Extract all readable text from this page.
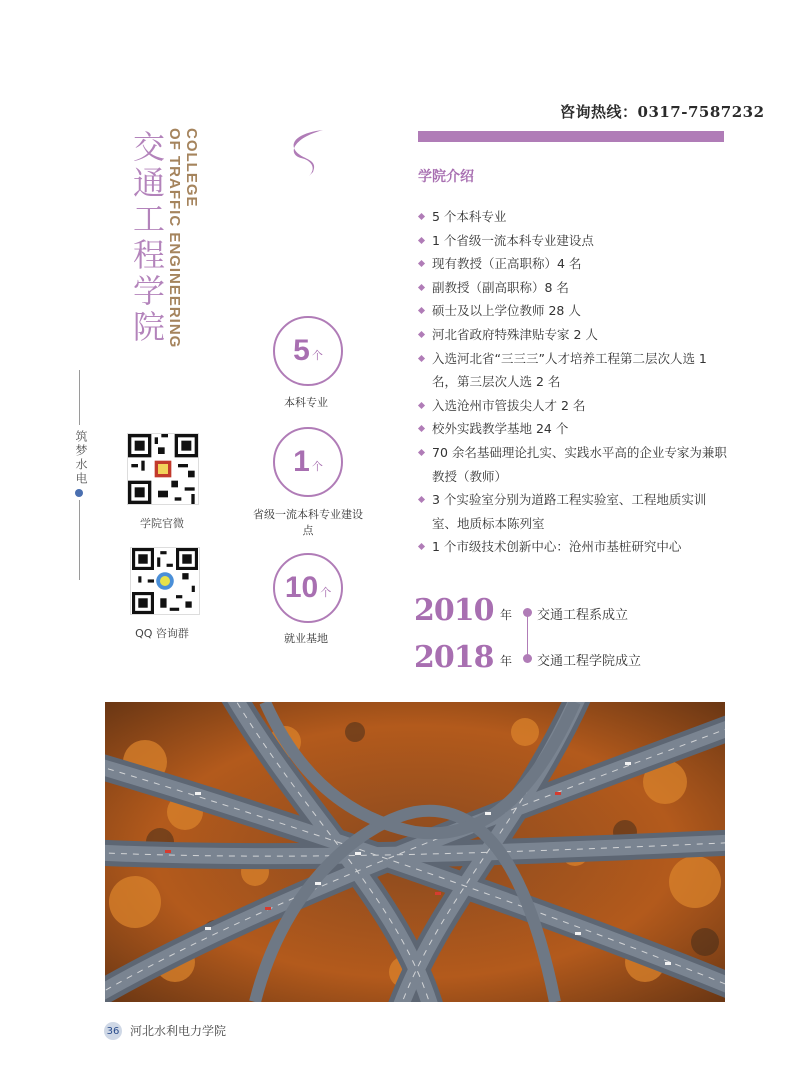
咨询热线：0317-7587232
交通工程学院 COLLEGE
OF TRAFFIC ENGINEERING
筑梦水电
学院官微
QQ 咨询群
5 个
本科专业
1 个
省级一流本科专业建设点
10 个
就业基地
学院介绍
5 个本科专业
1 个省级一流本科专业建设点
现有教授（正高职称）4 名
副教授（副高职称）8 名
硕士及以上学位教师 28 人
河北省政府特殊津贴专家 2 人
入选河北省“三三三”人才培养工程第二层次人选 1 名，第三层次人选 2 名
入选沧州市管拔尖人才 2 名
校外实践教学基地 24 个
70 余名基础理论扎实、实践水平高的企业专家为兼职教授（教师）
3 个实验室分别为道路工程实验室、工程地质实训室、地质标本陈列室
1 个市级技术创新中心：沧州市基桩研究中心
2010 年 交通工程系成立
2018 年 交通工程学院成立
36 河北水利电力学院
